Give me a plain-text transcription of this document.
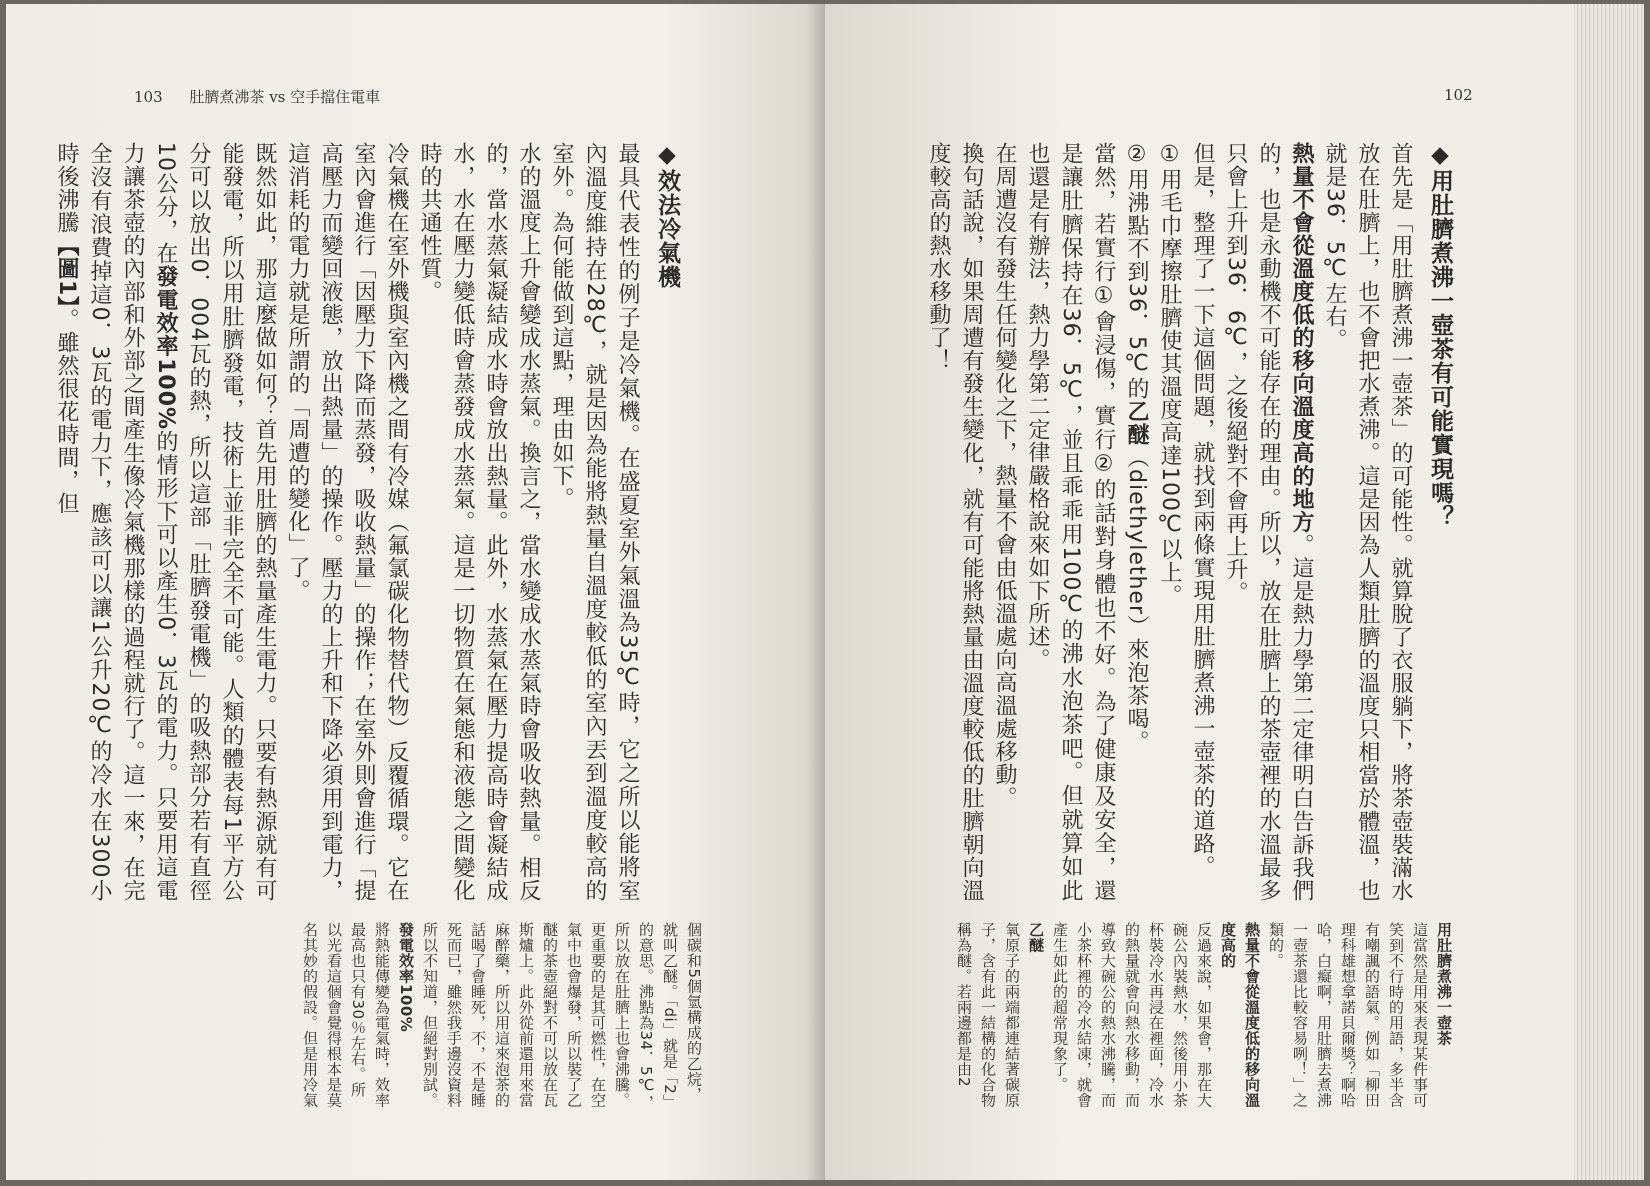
103 肚臍煮沸茶 vs 空手擋住電車

◆效法冷氣機

最具代表性的例子是冷氣機。在盛夏室外氣溫為35℃時，它之所以能將室內溫度維持在28℃，就是因為能將熱量自溫度較低的室內丟到溫度較高的室外。為何能做到這點，理由如下。

水的溫度上升會變成水蒸氣。換言之，當水變成水蒸氣時會吸收熱量。相反的，當水蒸氣凝結成水時會放出熱量。此外，水蒸氣在壓力提高時會凝結成水，水在壓力變低時會蒸發成水蒸氣。這是一切物質在氣態和液態之間變化時的共通性質。

冷氣機在室外機與室內機之間有冷媒（氟氯碳化物替代物）反覆循環。它在室內會進行「因壓力下降而蒸發，吸收熱量」的操作；在室外則會進行「提高壓力而變回液態，放出熱量」的操作。壓力的上升和下降必須用到電力，這消耗的電力就是所謂的「周遭的變化」了。

既然如此，那這麼做如何？首先用肚臍的熱量產生電力。只要有熱源就有可能發電，所以用肚臍發電，技術上並非完全不可能。人類的體表每1平方公分可以放出0．004瓦的熱，所以這部「肚臍發電機」的吸熱部分若有直徑10公分，在發電效率100%的情形下可以產生0．3瓦的電力。只要用這電力讓茶壺的內部和外部之間產生像冷氣機那樣的過程就行了。這一來，在完全沒有浪費掉這0．3瓦的電力下，應該可以讓1公升20℃的冷水在300小時後沸騰【圖1】。雖然很花時間，但

個碳和5個氫構成的乙烷，就叫乙醚。「di」就是「2」的意思。沸點為34．5℃，所以放在肚臍上也會沸騰。更重要的是其可燃性，在空氣中也會爆發，所以裝了乙醚的茶壺絕對不可以放在瓦斯爐上。此外從前還用來當麻醉藥，所以用這來泡茶的話喝了會睡死，不，不是睡死而已，雖然我手邊沒資料所以不知道，但絕對別試。

發電效率100%
將熱能傳變為電氣時，效率最高也只有30％左右。所以光看這個會覺得根本是莫名其妙的假設。但是用冷氣

102

◆用肚臍煮沸一壺茶有可能實現嗎？

首先是「用肚臍煮沸一壺茶」的可能性。就算脫了衣服躺下，將茶壺裝滿水放在肚臍上，也不會把水煮沸。這是因為人類肚臍的溫度只相當於體溫，也就是36．5℃左右。

熱量不會從溫度低的移向溫度高的地方。這是熱力學第二定律明白告訴我們的，也是永動機不可能存在的理由。所以，放在肚臍上的茶壺裡的水溫最多只會上升到36．6℃，之後絕對不會再上升。

但是，整理了一下這個問題，就找到兩條實現用肚臍煮沸一壺茶的道路。

①用毛巾摩擦肚臍使其溫度高達100℃以上。

②用沸點不到36．5℃的乙醚（diethylether）來泡茶喝。

當然，若實行①會浸傷，實行②的話對身體也不好。為了健康及安全，還是讓肚臍保持在36．5℃，並且乖乖用100℃的沸水泡茶吧。但就算如此也還是有辦法，熱力學第二定律嚴格說來如下所述。

在周遭沒有發生任何變化之下，熱量不會由低溫處向高溫處移動。

換句話說，如果周遭有發生變化，就有可能將熱量由溫度較低的肚臍朝向溫度較高的熱水移動了！

用肚臍煮沸一壺茶
這當然是用來表現某件事可笑到不行時的用語，多半含有嘲諷的語氣。例如「柳田理科雄想拿諾貝爾獎？啊哈哈，白癡啊，用肚臍去煮沸一壺茶還比較容易咧！」之類的。

熱量不會從溫度低的移向溫度高的
反過來說，如果會，那在大碗公內裝熱水，然後用小茶杯裝冷水再浸在裡面，冷水的熱量就會向熱水移動，而導致大碗公的熱水沸騰，而小茶杯裡的冷水結凍，就會產生如此的超常現象了。

乙醚
氧原子的兩端都連結著碳原子，含有此一結構的化合物稱為醚。若兩邊都是由2
